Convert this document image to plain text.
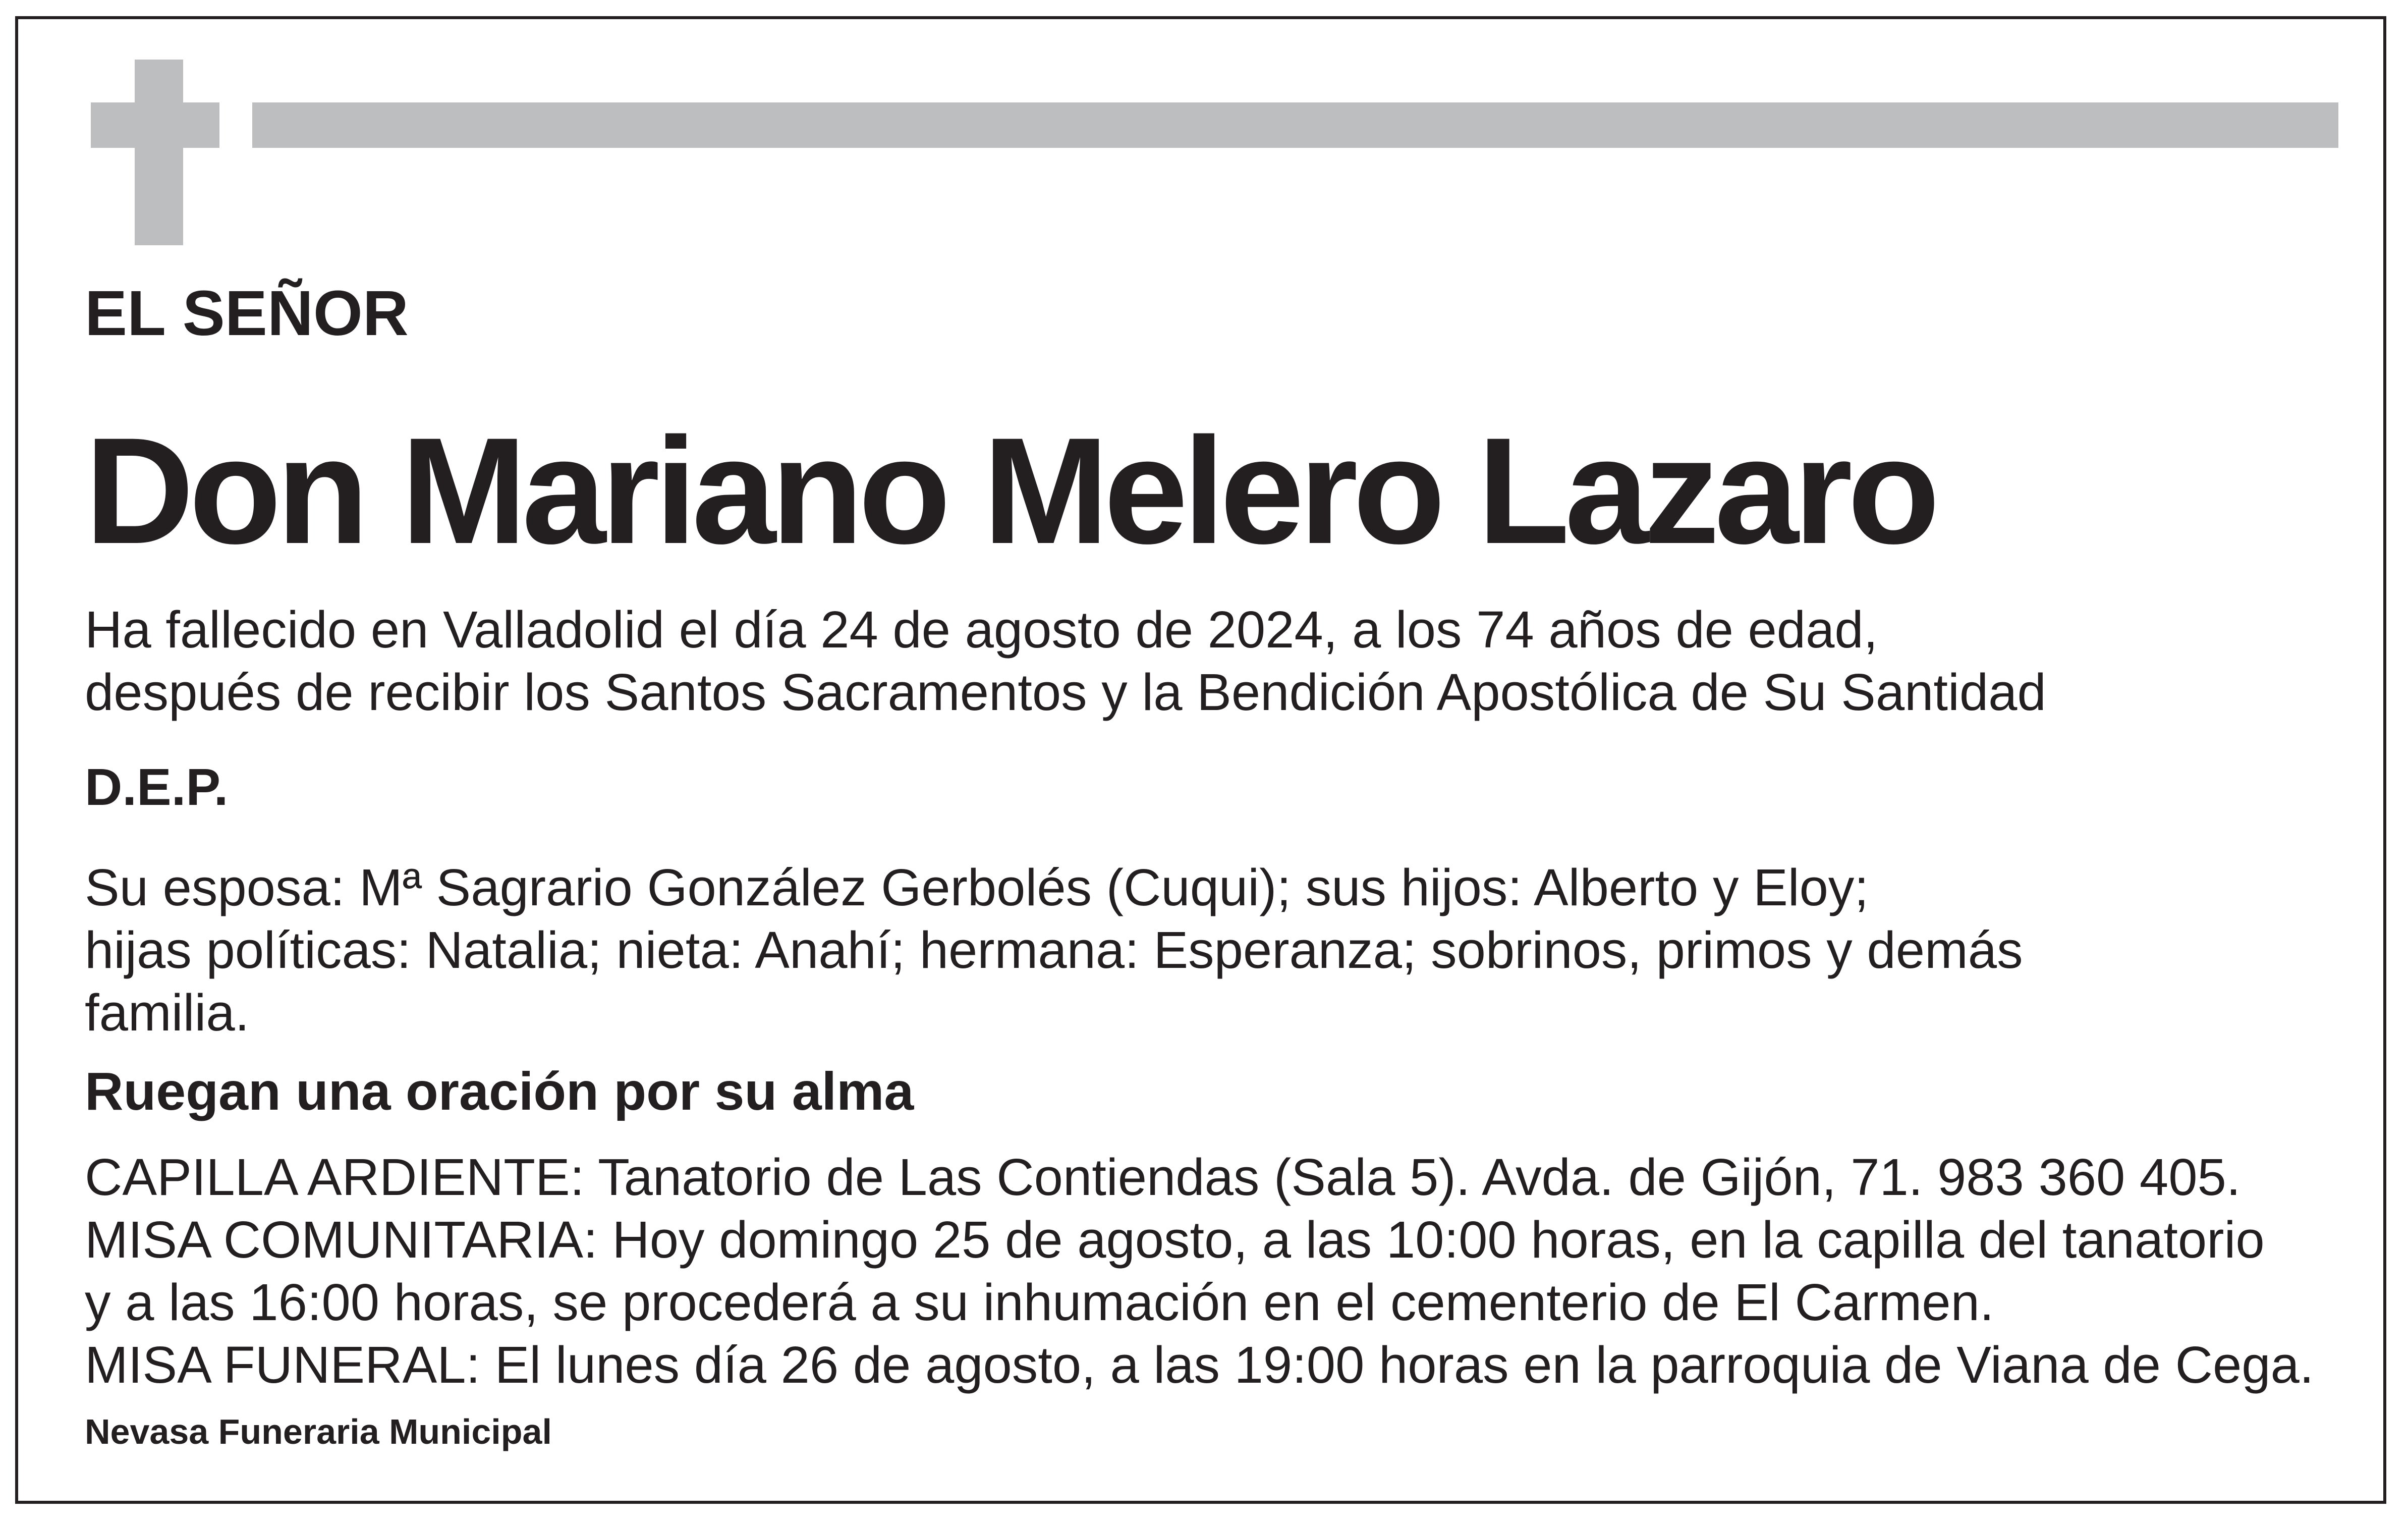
EL SEÑOR

Don Mariano Melero Lazaro
Ha fallecido en Valladolid el día 24 de agosto de 2024, a los 74 años de edad,
después de recibir los Santos Sacramentos y la Bendición Apostólica de Su Santidad

D.E.P.

Su esposa: Mª Sagrario González Gerbolés (Cuqui); sus hijos: Alberto y Eloy;
hijas políticas: Natalia; nieta: Anahí; hermana: Esperanza; sobrinos, primos y demás
familia.

Ruegan una oración por su alma

CAPILLA ARDIENTE: Tanatorio de Las Contiendas (Sala 5). Avda. de Gijón, 71. 983 360 405.
MISA COMUNITARIA: Hoy domingo 25 de agosto, a las 10:00 horas, en la capilla del tanatorio
y a las 16:00 horas, se procederá a su inhumación en el cementerio de El Carmen.
MISA FUNERAL: El lunes día 26 de agosto, a las 19:00 horas en la parroquia de Viana de Cega.

Nevasa Funeraria Municipal
